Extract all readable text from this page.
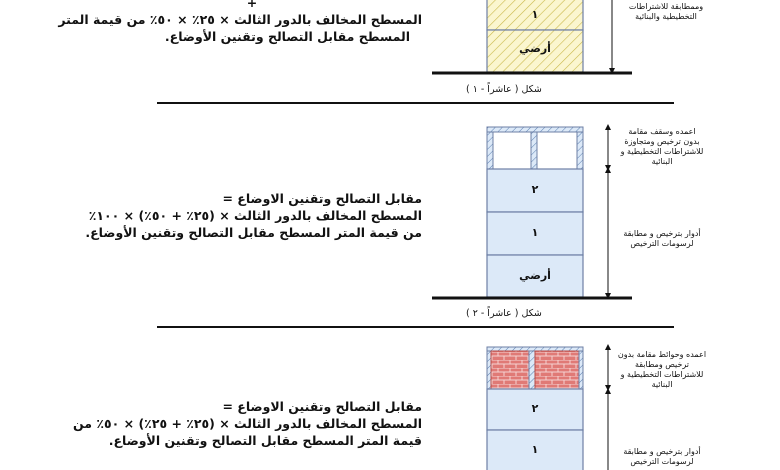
+
المسطح المخالف بالدور الثالث × ٢٥٪ × ٥٠٪ من قيمة المتر
المسطح مقابل التصالح وتقنين الأوضاع.
١
أرضي
وممطابقة للاشتراطات
التخطيطية والبنائية
شكل ( عاشراً - ١ )
مقابل التصالح وتقنين الاوضاع =
المسطح المخالف بالدور الثالث × (٢٥٪ + ٥٠٪) × ١٠٠٪
من قيمة المتر المسطح مقابل التصالح وتقنين الأوضاع.
٢
١
أرضي
اعمده وسقف مقامة
بدون ترخيص ومتجاوزة
للاشتراطات التخطيطية و
البنائية
أدوار بترخيص و مطابقة
لرسومات الترخيص
شكل ( عاشراً - ٢ )
مقابل التصالح وتقنين الاوضاع =
المسطح المخالف بالدور الثالث × (٢٥٪ + ٢٥٪) × ٥٠٪ من
قيمة المتر المسطح مقابل التصالح وتقنين الأوضاع.
٢
١
اعمده وحوائط مقامة بدون
ترخيص ومطابقة
للاشتراطات التخطيطية و
البنائية
أدوار بترخيص و مطابقة
لرسومات الترخيص
